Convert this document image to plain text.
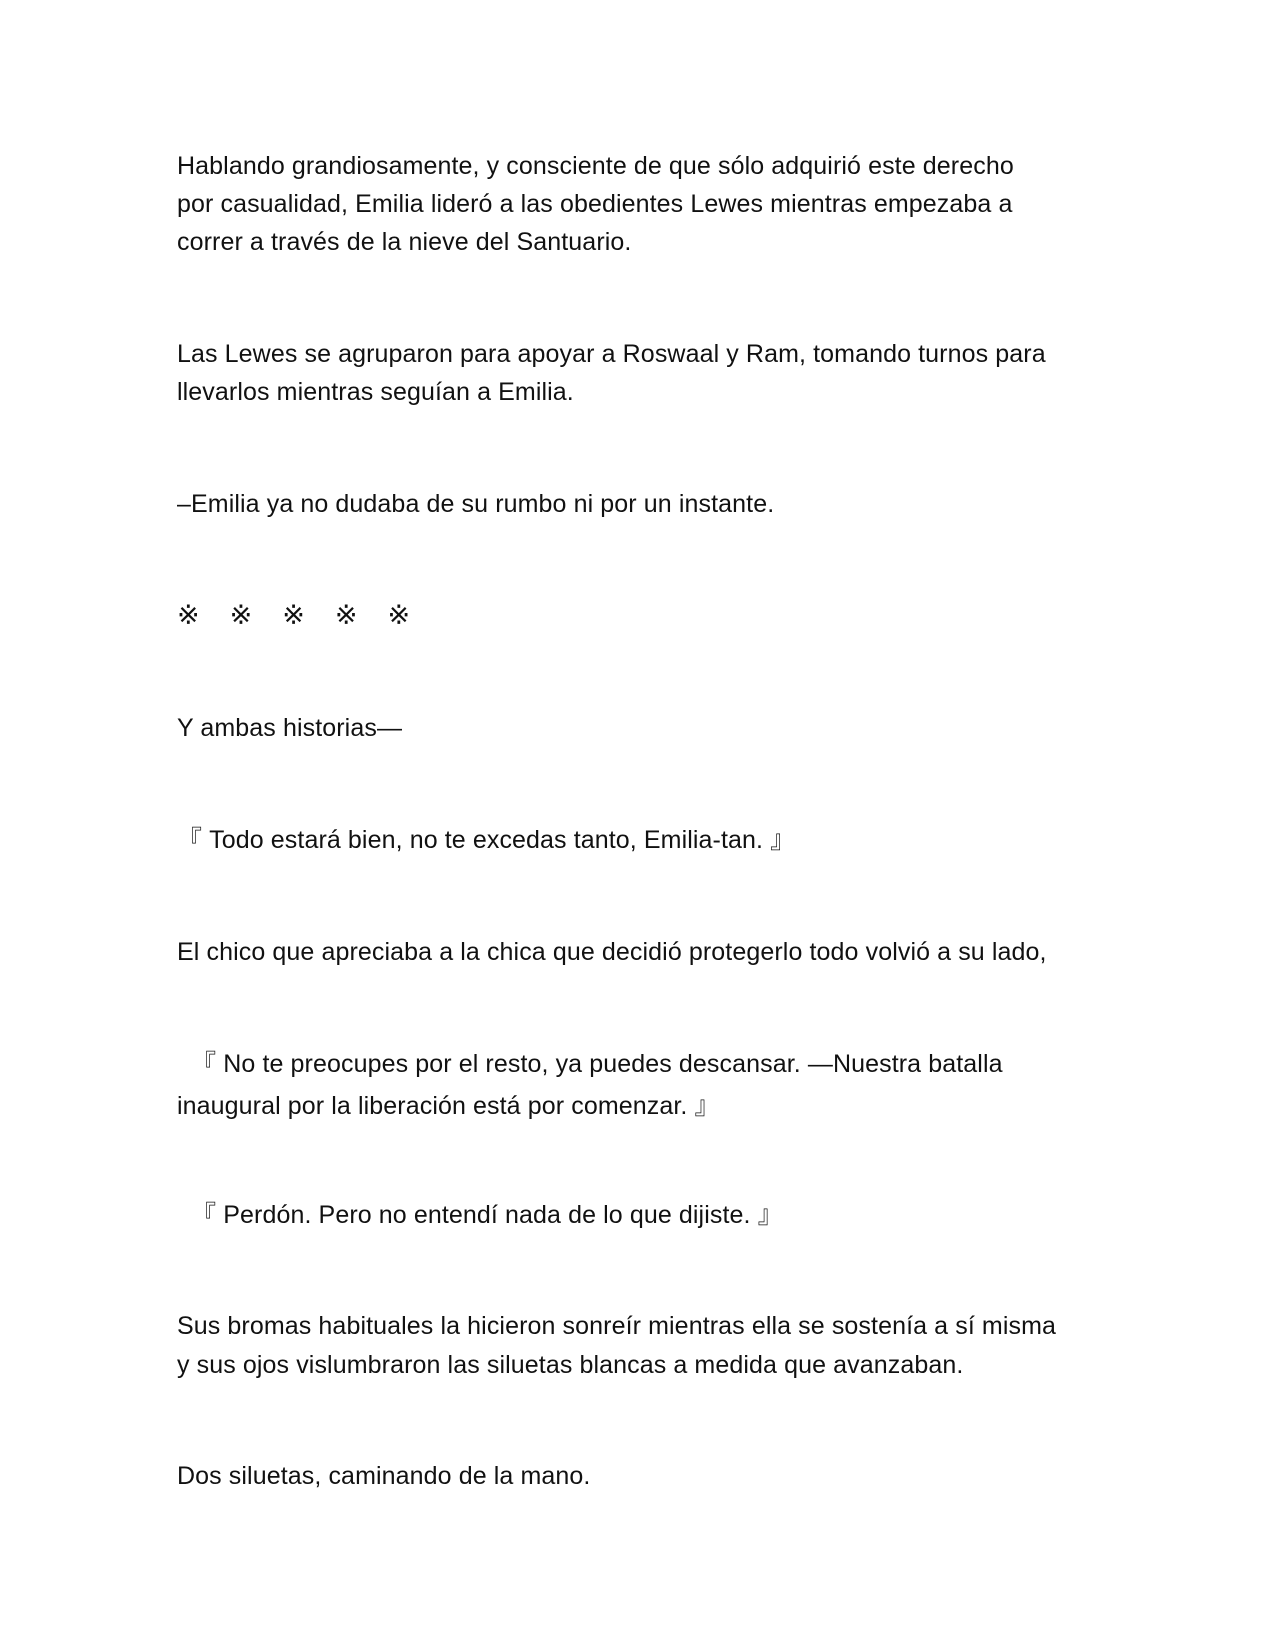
Hablando grandiosamente, y consciente de que sólo adquirió este derecho
por casualidad, Emilia lideró a las obedientes Lewes mientras empezaba a
correr a través de la nieve del Santuario.
Las Lewes se agruparon para apoyar a Roswaal y Ram, tomando turnos para
llevarlos mientras seguían a Emilia.
–Emilia ya no dudaba de su rumbo ni por un instante.
※    ※    ※    ※    ※
Y ambas historias—
『 Todo estará bien, no te excedas tanto, Emilia-tan. 』
El chico que apreciaba a la chica que decidió protegerlo todo volvió a su lado,
『 No te preocupes por el resto, ya puedes descansar. —Nuestra batalla
inaugural por la liberación está por comenzar. 』
『 Perdón. Pero no entendí nada de lo que dijiste. 』
Sus bromas habituales la hicieron sonreír mientras ella se sostenía a sí misma
y sus ojos vislumbraron las siluetas blancas a medida que avanzaban.
Dos siluetas, caminando de la mano.
